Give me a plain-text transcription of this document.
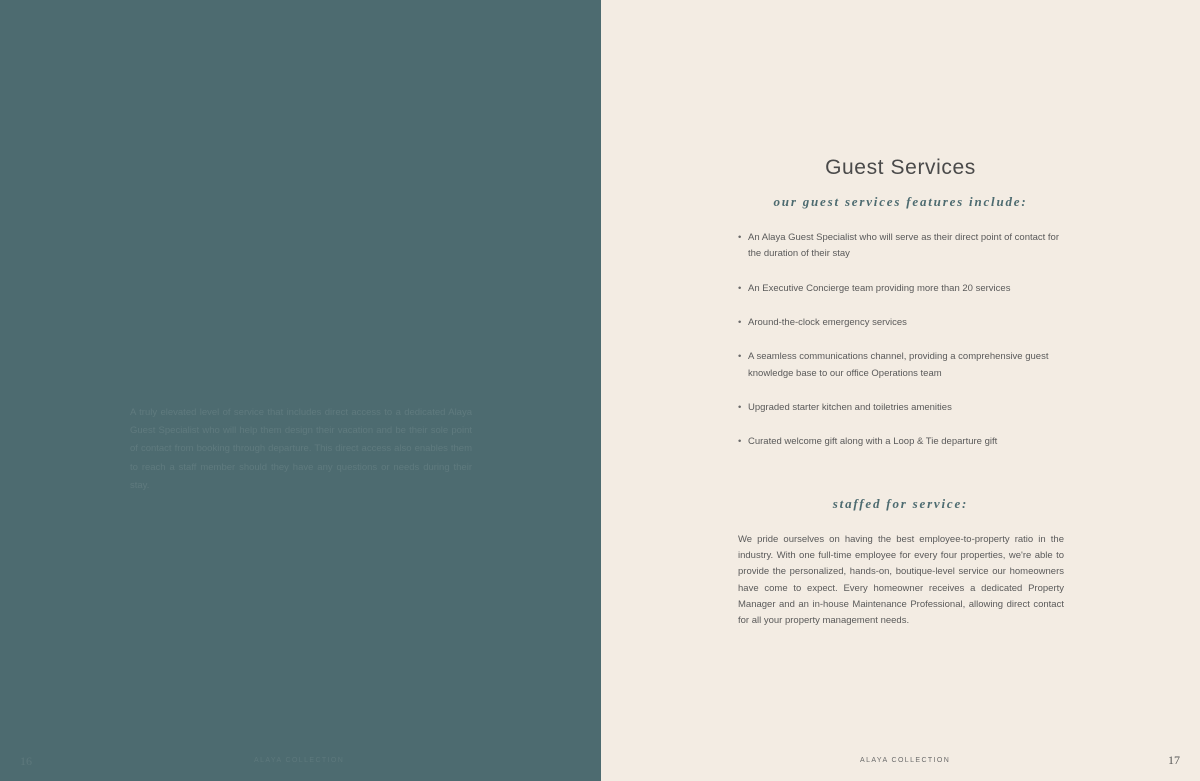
A truly elevated level of service that includes direct access to a dedicated Alaya Guest Specialist who will help them design their vacation and be their sole point of contact from booking through departure. This direct access also enables them to reach a staff member should they have any questions or needs during their stay.

16	ALAYA COLLECTION
Guest Services
our guest services features include:
• An Alaya Guest Specialist who will serve as their direct point of contact for the duration of their stay
• An Executive Concierge team providing more than 20 services
• Around-the-clock emergency services
• A seamless communications channel, providing a comprehensive guest knowledge base to our office Operations team
• Upgraded starter kitchen and toiletries amenities
• Curated welcome gift along with a Loop & Tie departure gift
staffed for service:

We pride ourselves on having the best employee-to-property ratio in the industry. With one full-time employee for every four properties, we're able to provide the personalized, hands-on, boutique-level service our homeowners have come to expect. Every homeowner receives a dedicated Property Manager and an in-house Maintenance Professional, allowing direct contact for all your property management needs.

ALAYA COLLECTION	17
